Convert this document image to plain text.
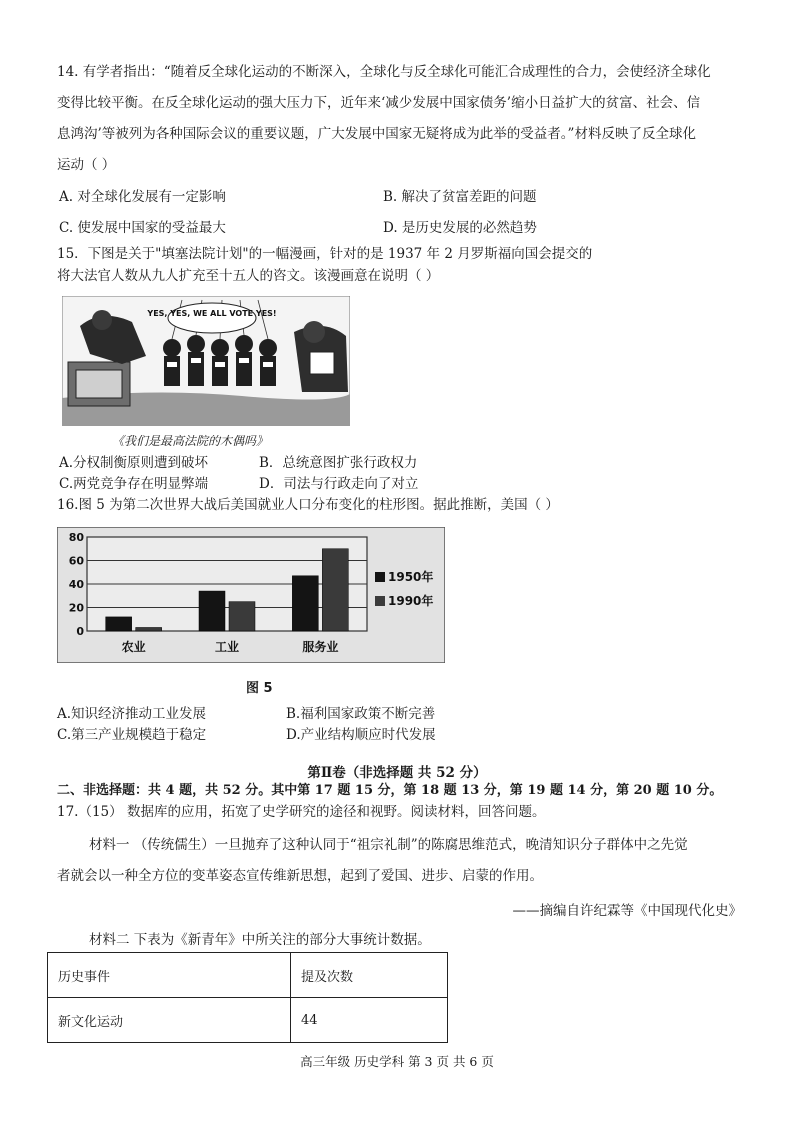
14. 有学者指出：“随着反全球化运动的不断深入，全球化与反全球化可能汇合成理性的合力，会使经济全球化
变得比较平衡。在反全球化运动的强大压力下，近年来‘减少发展中国家债务’缩小日益扩大的贫富、社会、信
息鸿沟’等被列为各种国际会议的重要议题，广大发展中国家无疑将成为此举的受益者。”材料反映了反全球化
运动（ ）
A. 对全球化发展有一定影响	B. 解决了贫富差距的问题
C. 使发展中国家的受益最大	D. 是历史发展的必然趋势
15．下图是关于"填塞法院计划"的一幅漫画，针对的是 1937 年 2 月罗斯福向国会提交的
将大法官人数从九人扩充至十五人的咨文。该漫画意在说明（ ）
YES, YES, WE ALL VOTE YES!
《我们是最高法院的木偶吗》
A.分权制衡原则遭到破坏	B．总统意图扩张行政权力
C.两党竞争存在明显弊端	D．司法与行政走向了对立
16.图 5 为第二次世界大战后美国就业人口分布变化的柱形图。据此推断，美国（ ）
0
20
40
60
80
农业	工业	服务业
1950年
1990年
图 5
A.知识经济推动工业发展	B.福利国家政策不断完善
C.第三产业规模趋于稳定	D.产业结构顺应时代发展
第Ⅱ卷（非选择题 共 52 分）
二、非选择题：共 4 题，共 52 分。其中第 17 题 15 分，第 18 题 13 分，第 19 题 14 分，第 20 题 10 分。
17.（15） 数据库的应用，拓宽了史学研究的途径和视野。阅读材料，回答问题。
材料一 （传统儒生）一旦抛弃了这种认同于“祖宗礼制”的陈腐思维范式，晚清知识分子群体中之先觉
者就会以一种全方位的变革姿态宣传维新思想，起到了爱国、进步、启蒙的作用。
——摘编自许纪霖等《中国现代化史》
材料二 下表为《新青年》中所关注的部分大事统计数据。
历史事件	提及次数
新文化运动	44
高三年级 历史学科 第 3 页 共 6 页
